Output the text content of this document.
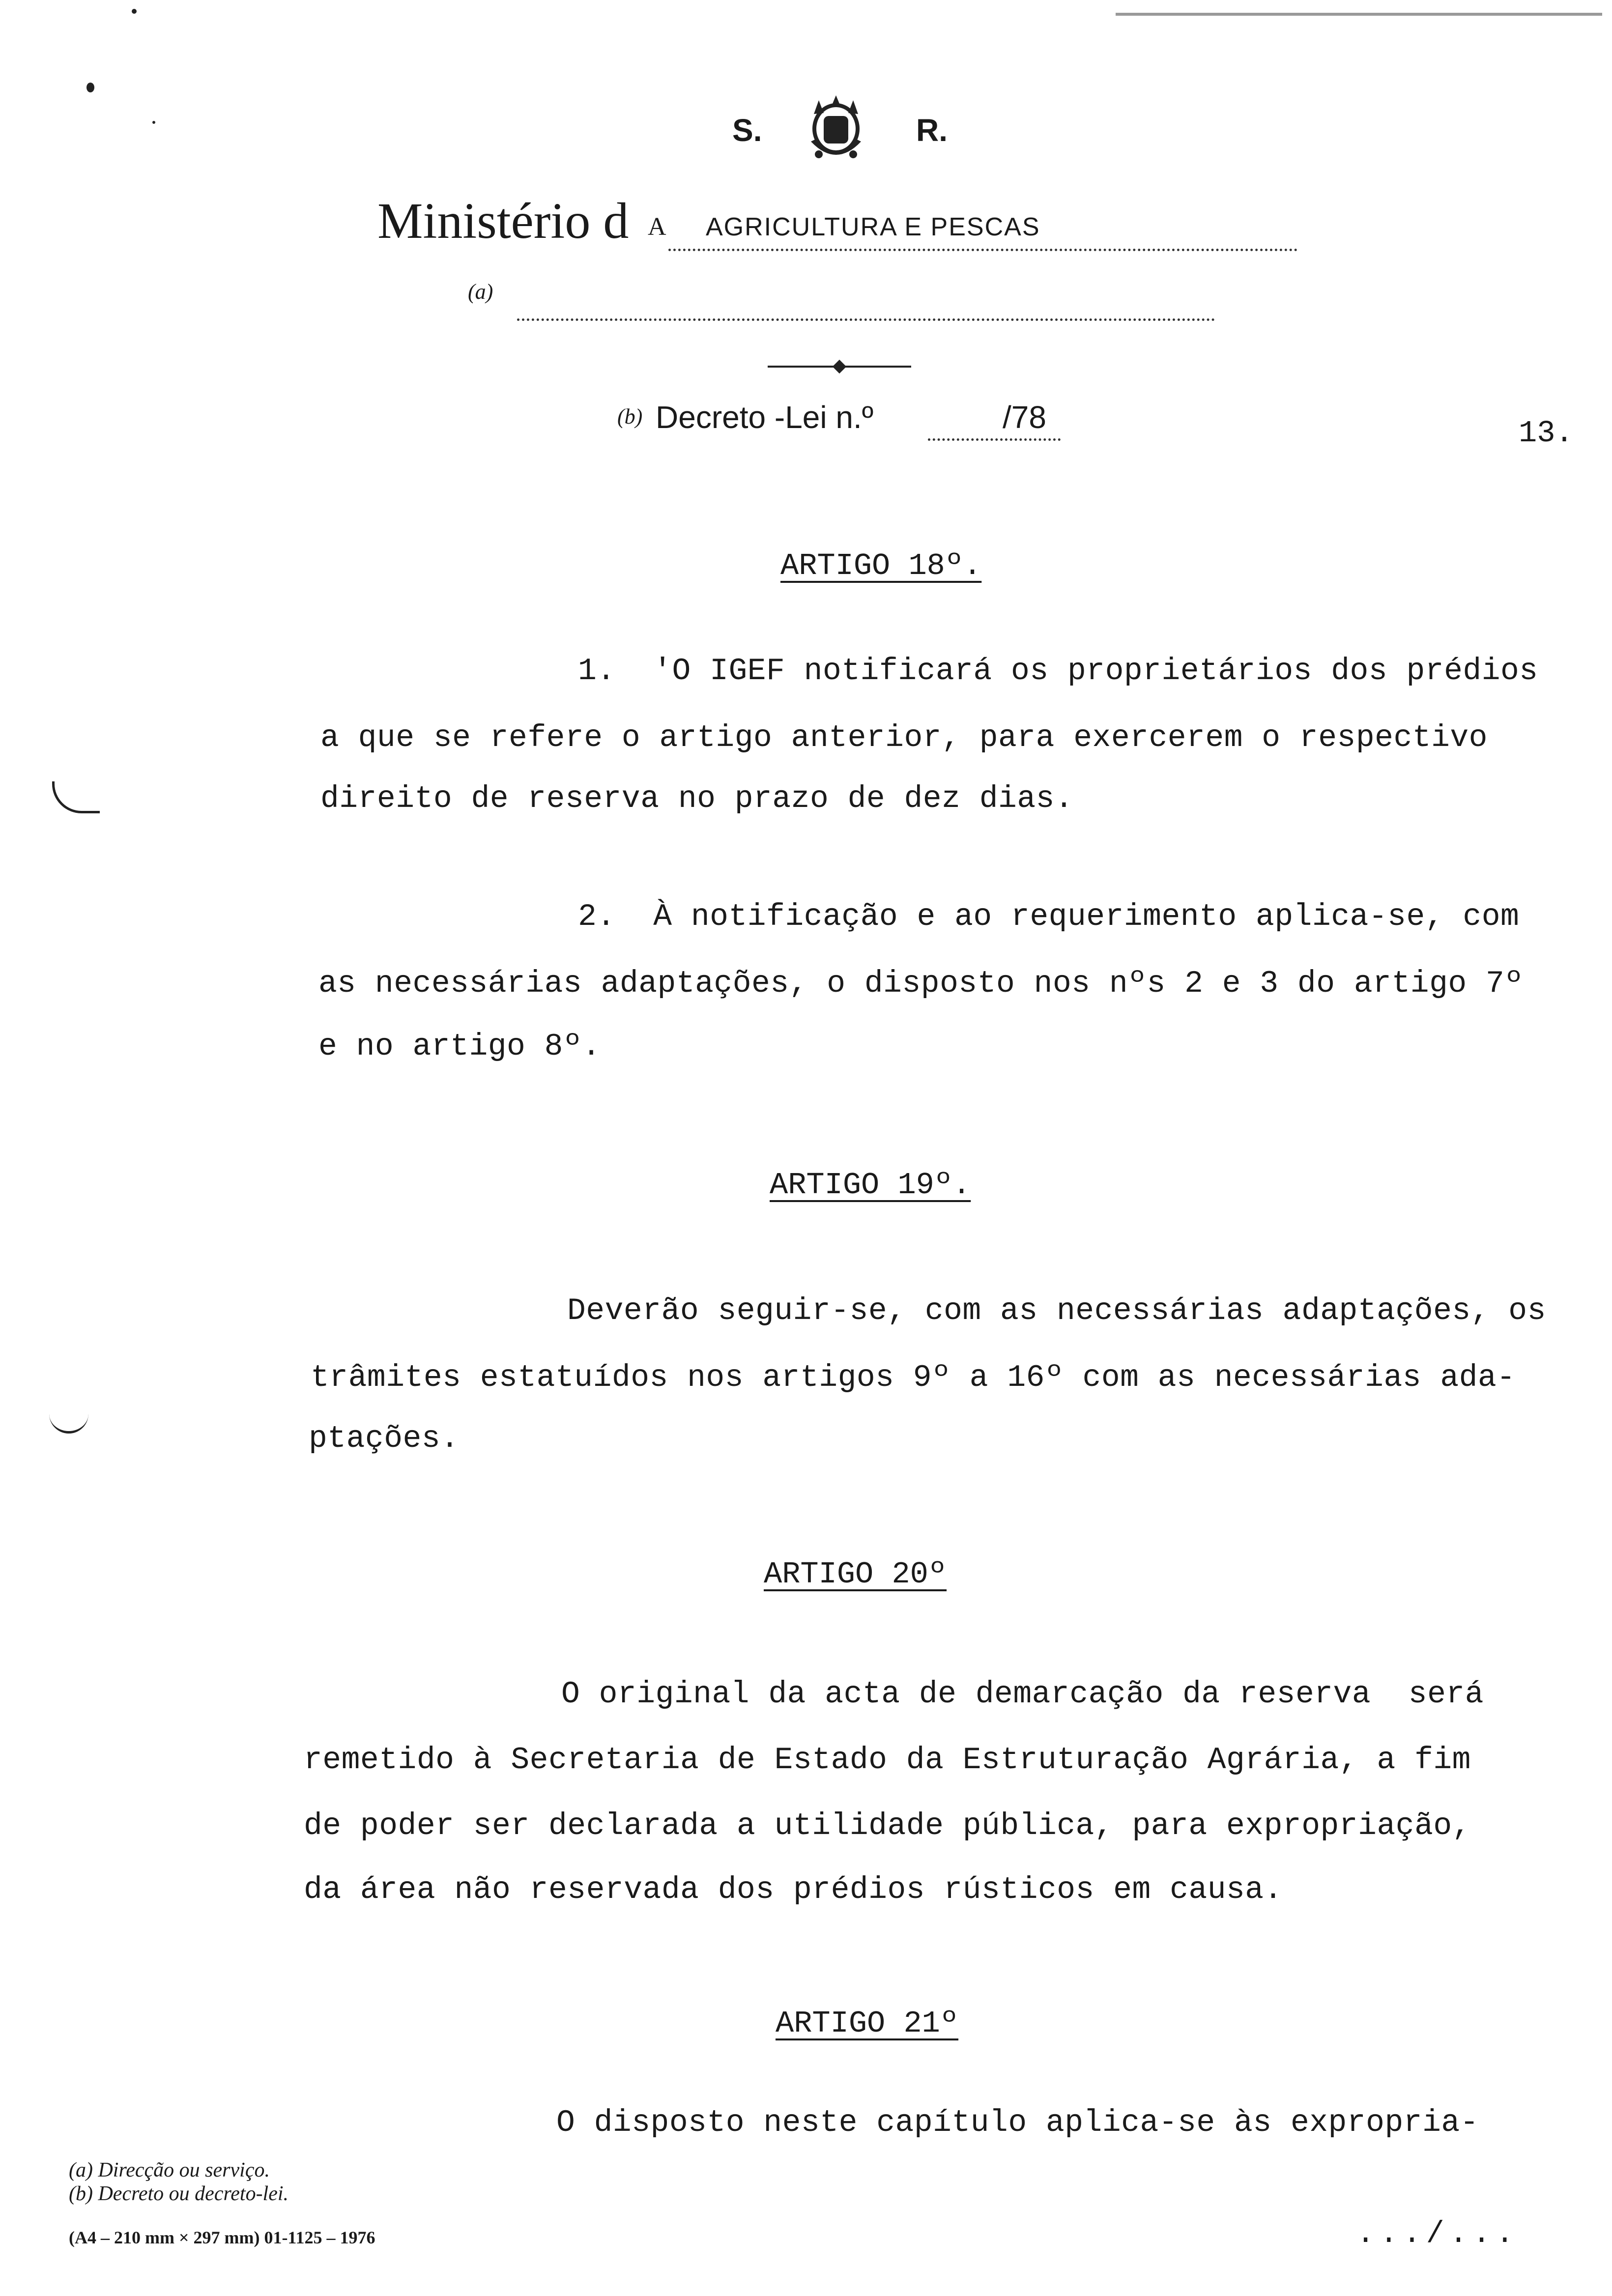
S.	R.
Ministério d A AGRICULTURA E PESCAS
(a)
(b) Decreto -Lei n.º	/78	13.
ARTIGO 18º.
1.  'O IGEF notificará os proprietários dos prédios
a que se refere o artigo anterior, para exercerem o respectivo
direito de reserva no prazo de dez dias.
2.  À notificação e ao requerimento aplica-se, com
as necessárias adaptações, o disposto nos nºs 2 e 3 do artigo 7º
e no artigo 8º.
ARTIGO 19º.
Deverão seguir-se, com as necessárias adaptações, os
trâmites estatuídos nos artigos 9º a 16º com as necessárias ada-
ptações.
ARTIGO 20º
O original da acta de demarcação da reserva  será
remetido à Secretaria de Estado da Estruturação Agrária, a fim
de poder ser declarada a utilidade pública, para expropriação,
da área não reservada dos prédios rústicos em causa.
ARTIGO 21º
O disposto neste capítulo aplica-se às expropria-
(a) Direcção ou serviço.
(b) Decreto ou decreto-lei.
(A4 – 210 mm × 297 mm) 01-1125 – 1976	.../...
